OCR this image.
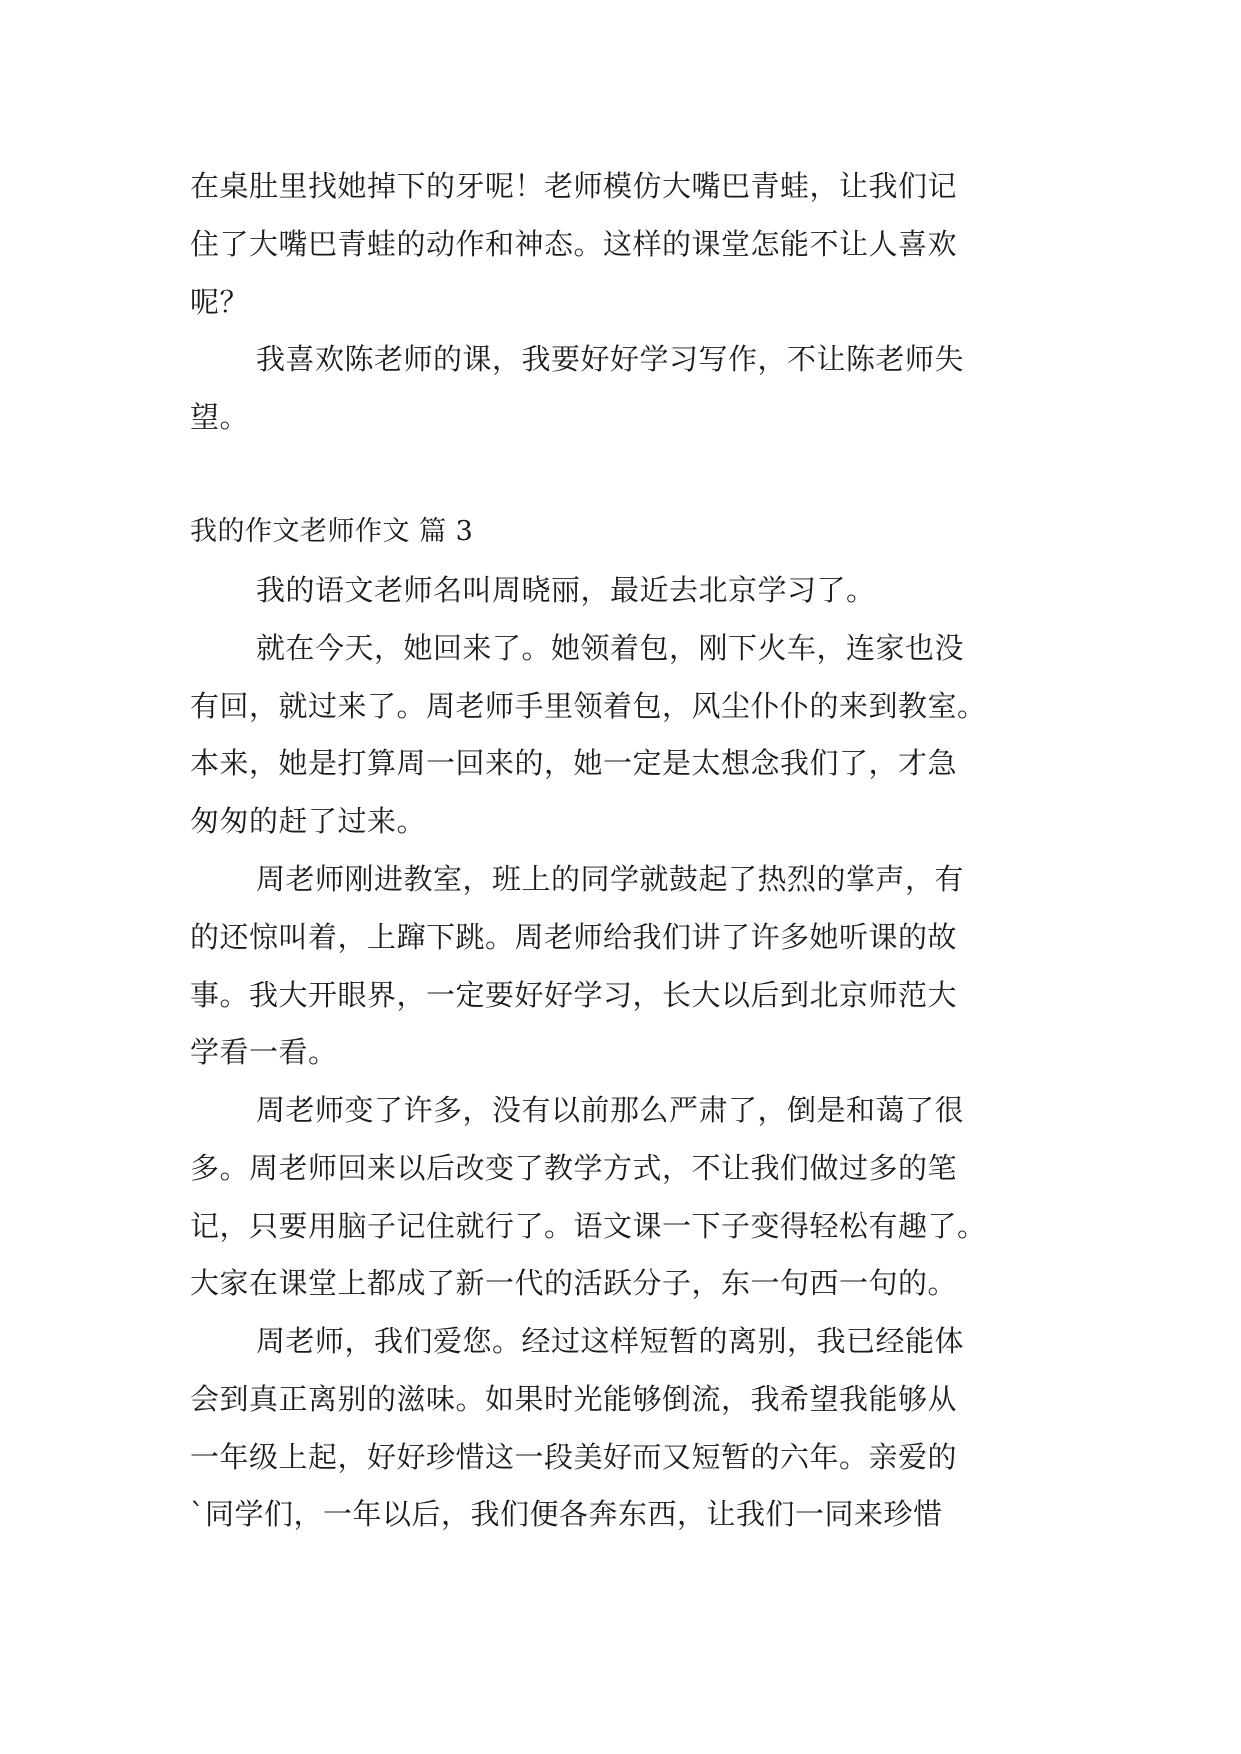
在桌肚里找她掉下的牙呢！老师模仿大嘴巴青蛙，让我们记
住了大嘴巴青蛙的动作和神态。这样的课堂怎能不让人喜欢
呢？
我喜欢陈老师的课，我要好好学习写作，不让陈老师失
望。
我的作文老师作文 篇 3
我的语文老师名叫周晓丽，最近去北京学习了。
就在今天，她回来了。她领着包，刚下火车，连家也没
有回，就过来了。周老师手里领着包，风尘仆仆的来到教室。
本来，她是打算周一回来的，她一定是太想念我们了，才急
匆匆的赶了过来。
周老师刚进教室，班上的同学就鼓起了热烈的掌声，有
的还惊叫着，上蹿下跳。周老师给我们讲了许多她听课的故
事。我大开眼界，一定要好好学习，长大以后到北京师范大
学看一看。
周老师变了许多，没有以前那么严肃了，倒是和蔼了很
多。周老师回来以后改变了教学方式，不让我们做过多的笔
记，只要用脑子记住就行了。语文课一下子变得轻松有趣了。
大家在课堂上都成了新一代的活跃分子，东一句西一句的。
周老师，我们爱您。经过这样短暂的离别，我已经能体
会到真正离别的滋味。如果时光能够倒流，我希望我能够从
一年级上起，好好珍惜这一段美好而又短暂的六年。亲爱的
`同学们，一年以后，我们便各奔东西，让我们一同来珍惜
